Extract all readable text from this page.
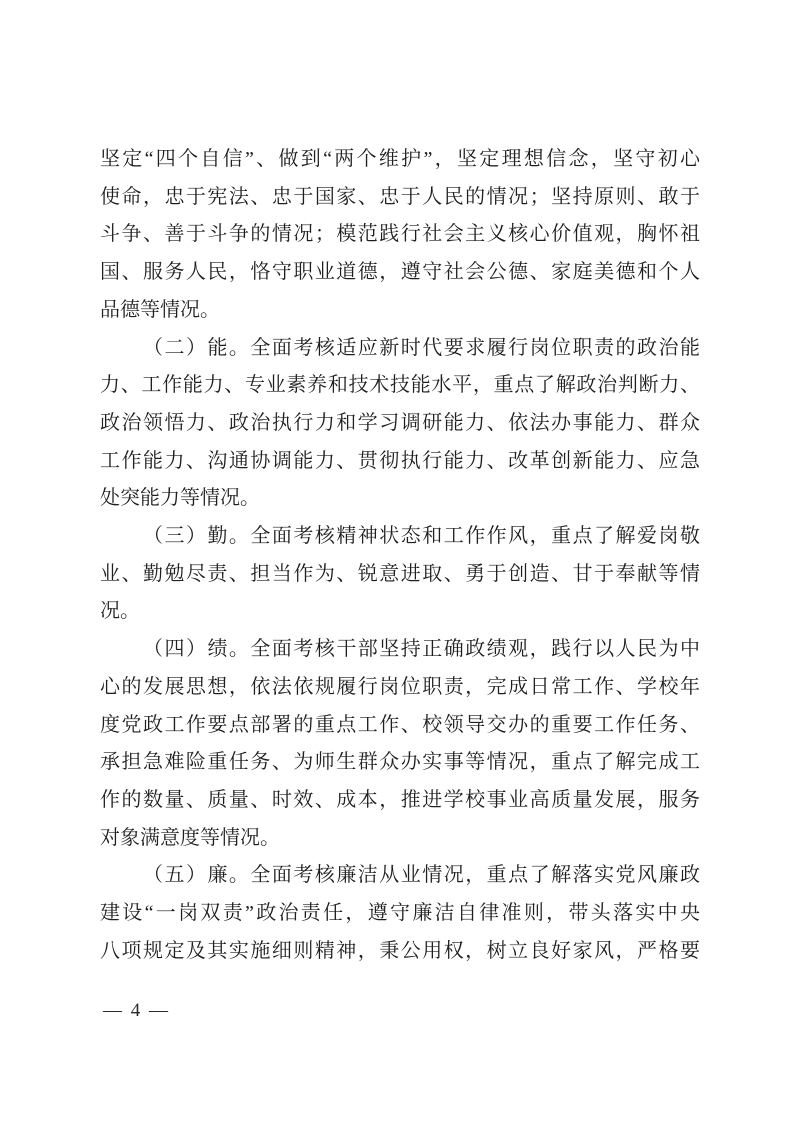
坚定“四个自信”、做到“两个维护”，坚定理想信念，坚守初心
使命，忠于宪法、忠于国家、忠于人民的情况；坚持原则、敢于
斗争、善于斗争的情况；模范践行社会主义核心价值观，胸怀祖
国、服务人民，恪守职业道德，遵守社会公德、家庭美德和个人
品德等情况。
（二）能。全面考核适应新时代要求履行岗位职责的政治能
力、工作能力、专业素养和技术技能水平，重点了解政治判断力、
政治领悟力、政治执行力和学习调研能力、依法办事能力、群众
工作能力、沟通协调能力、贯彻执行能力、改革创新能力、应急
处突能力等情况。
（三）勤。全面考核精神状态和工作作风，重点了解爱岗敬
业、勤勉尽责、担当作为、锐意进取、勇于创造、甘于奉献等情
况。
（四）绩。全面考核干部坚持正确政绩观，践行以人民为中
心的发展思想，依法依规履行岗位职责，完成日常工作、学校年
度党政工作要点部署的重点工作、校领导交办的重要工作任务、
承担急难险重任务、为师生群众办实事等情况，重点了解完成工
作的数量、质量、时效、成本，推进学校事业高质量发展，服务
对象满意度等情况。
（五）廉。全面考核廉洁从业情况，重点了解落实党风廉政
建设“一岗双责”政治责任，遵守廉洁自律准则，带头落实中央
八项规定及其实施细则精神，秉公用权，树立良好家风，严格要
— 4 —
